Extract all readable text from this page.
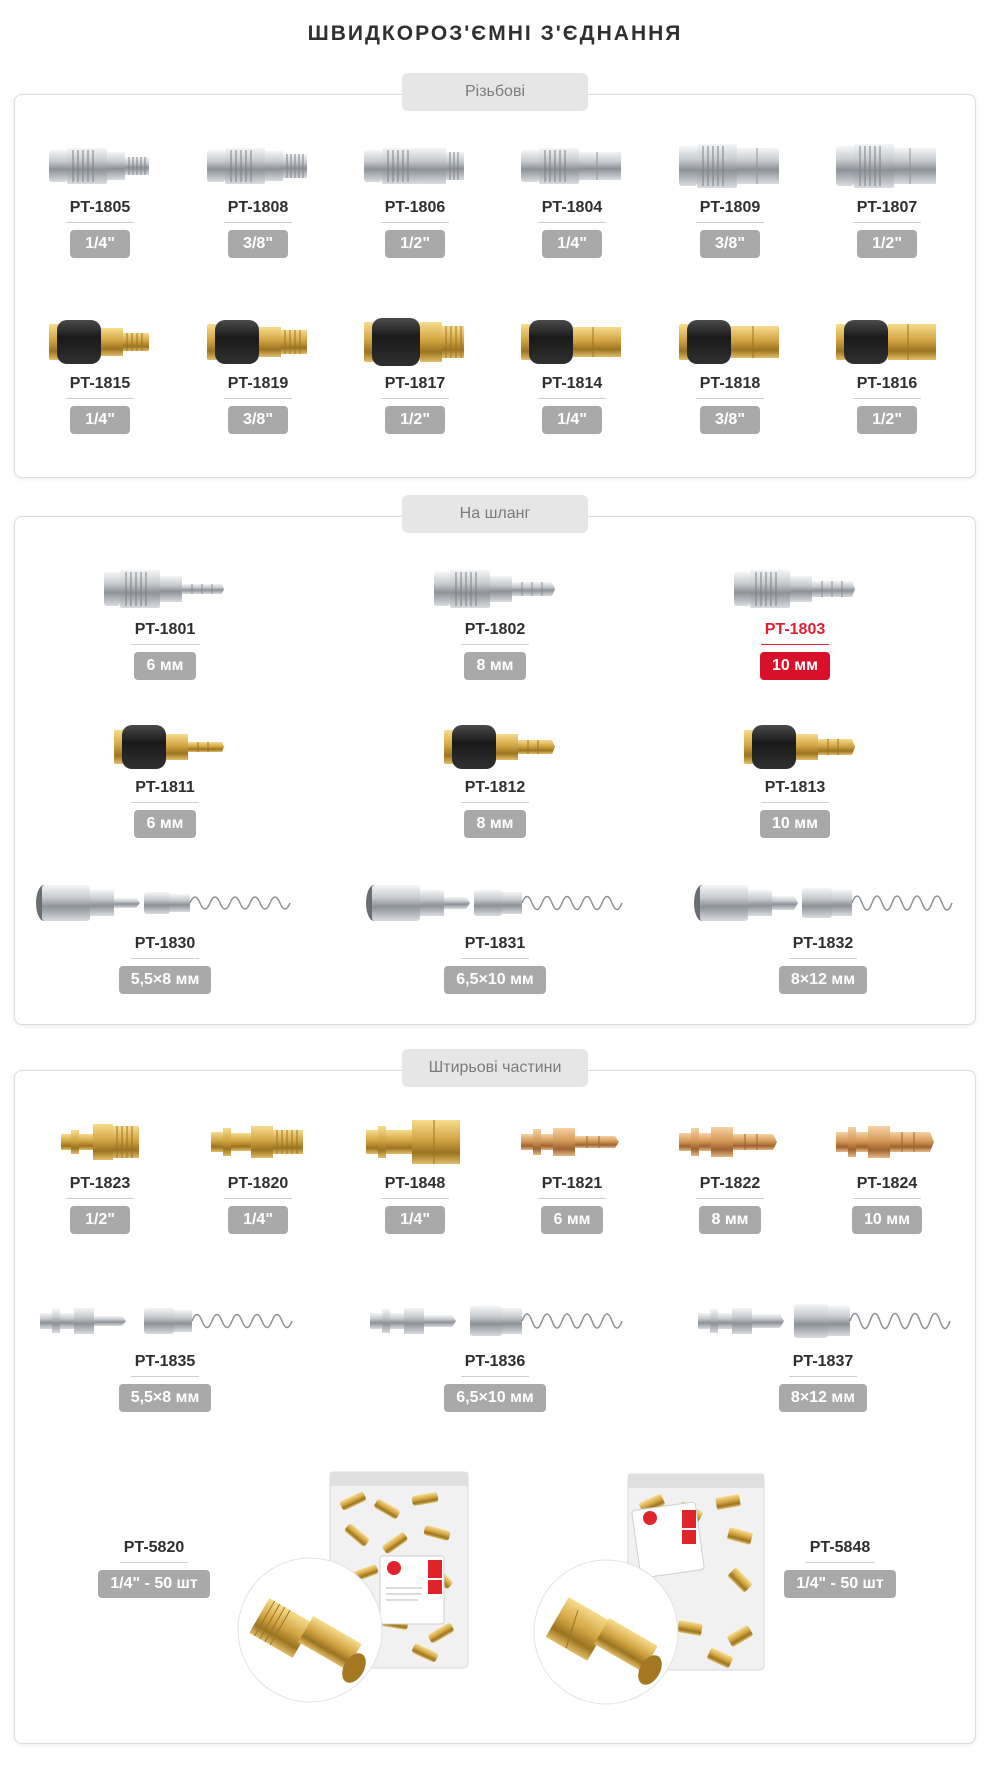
ШВИДКОРОЗ'ЄМНІ З'ЄДНАННЯ
Різьбові
PT-1805
1/4"
PT-1808
3/8"
PT-1806
1/2"
PT-1804
1/4"
PT-1809
3/8"
PT-1807
1/2"
PT-1815
1/4"
PT-1819
3/8"
PT-1817
1/2"
PT-1814
1/4"
PT-1818
3/8"
PT-1816
1/2"
На шланг
PT-1801
6 мм
PT-1802
8 мм
PT-1803
10 мм
PT-1811
6 мм
PT-1812
8 мм
PT-1813
10 мм
PT-1830
5,5×8 мм
PT-1831
6,5×10 мм
PT-1832
8×12 мм
Штирьові частини
PT-1823
1/2"
PT-1820
1/4"
PT-1848
1/4"
PT-1821
6 мм
PT-1822
8 мм
PT-1824
10 мм
PT-1835
5,5×8 мм
PT-1836
6,5×10 мм
PT-1837
8×12 мм
PT-5820
1/4" - 50 шт
PT-5848
1/4" - 50 шт
